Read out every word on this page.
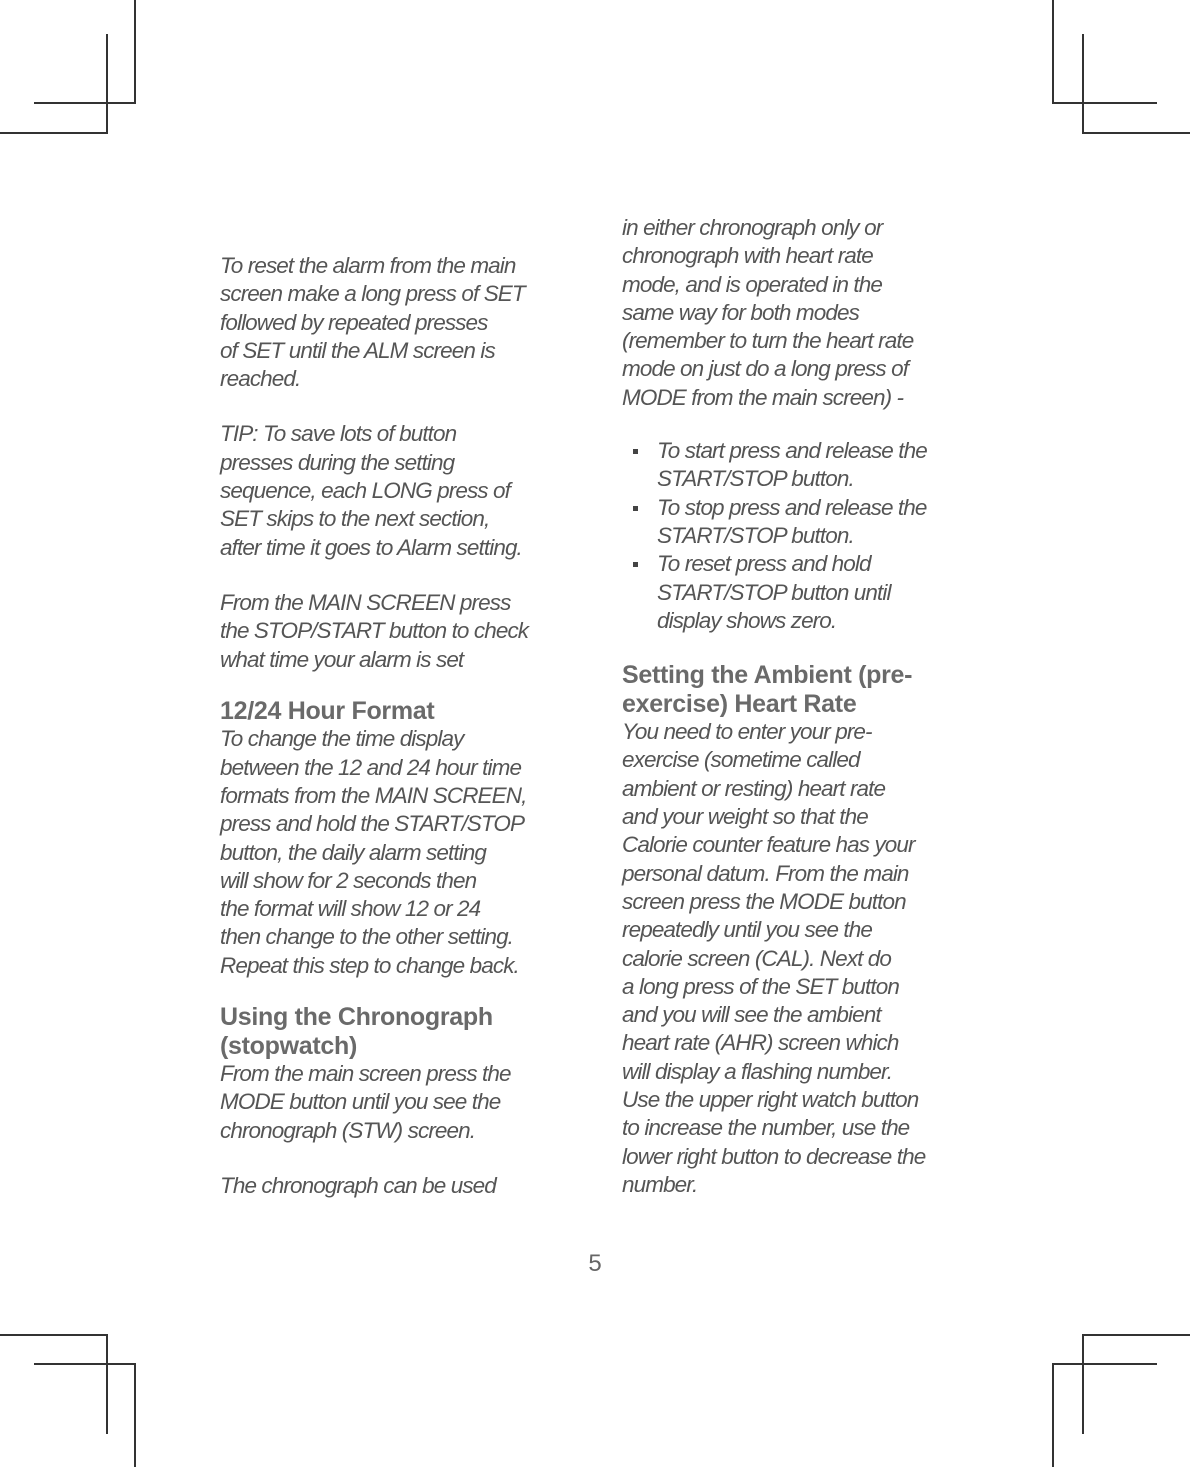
To reset the alarm from the main
screen make a long press of SET
followed by repeated presses
of SET until the ALM screen is
reached.

TIP: To save lots of button
presses during the setting
sequence, each LONG press of
SET skips to the next section,
after time it goes to Alarm setting.

From the MAIN SCREEN press
the STOP/START button to check
what time your alarm is set

12/24 Hour Format

To change the time display
between the 12 and 24 hour time
formats from the MAIN SCREEN,
press and hold the START/STOP
button, the daily alarm setting
will show for 2 seconds then
the format will show 12 or 24
then change to the other setting.
Repeat this step to change back.

Using the Chronograph
(stopwatch)

From the main screen press the
MODE button until you see the
chronograph (STW) screen.

The chronograph can be used

in either chronograph only or
chronograph with heart rate
mode, and is operated in the
same way for both modes
(remember to turn the heart rate
mode on just do a long press of
MODE from the main screen) -

To start press and release the
START/STOP button.

To stop press and release the
START/STOP button.

To reset press and hold
START/STOP button until
display shows zero.

Setting the Ambient (pre-
exercise) Heart Rate

You need to enter your pre-
exercise (sometime called
ambient or resting) heart rate
and your weight so that the
Calorie counter feature has your
personal datum. From the main
screen press the MODE button
repeatedly until you see the
calorie screen (CAL). Next do
a long press of the SET button
and you will see the ambient
heart rate (AHR) screen which
will display a flashing number.
Use the upper right watch button
to increase the number, use the
lower right button to decrease the
number.

5
